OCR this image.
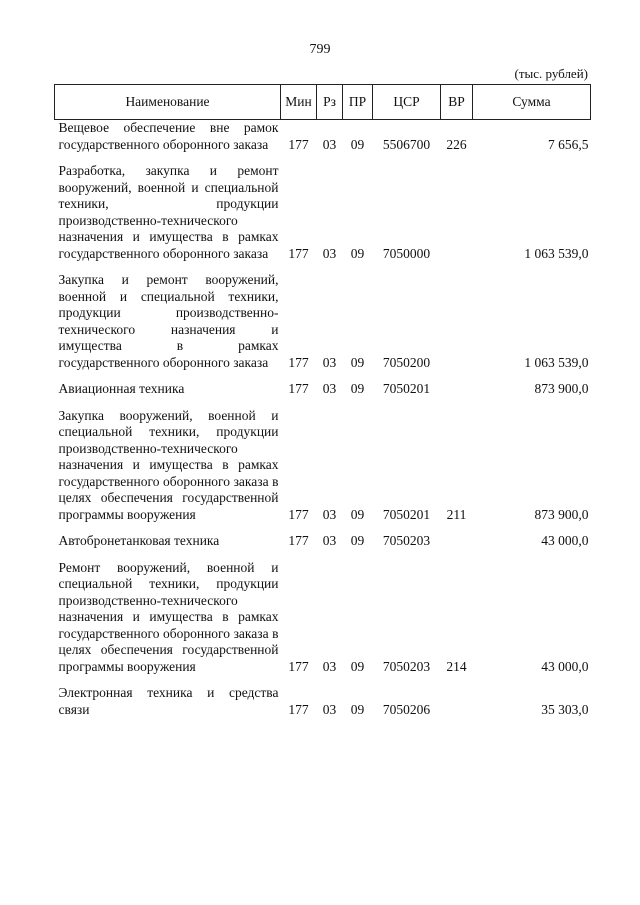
799
(тыс. рублей)
Наименование	Мин	Рз	ПР	ЦСР	ВР	Сумма
Вещевое обеспечение вне рамок государственного оборонного заказа	177	03	09	5506700	226	7 656,5
Разработка, закупка и ремонт вооружений, военной и специальной техники, продукции производственно-технического назначения и имущества в рамках государственного оборонного заказа	177	03	09	7050000		1 063 539,0
Закупка и ремонт вооружений, военной и специальной техники, продукции производственно-технического назначения и имущества в рамках государственного оборонного заказа	177	03	09	7050200		1 063 539,0
Авиационная техника	177	03	09	7050201		873 900,0
Закупка вооружений, военной и специальной техники, продукции производственно-технического назначения и имущества в рамках государственного оборонного заказа в целях обеспечения государственной программы вооружения	177	03	09	7050201	211	873 900,0
Автобронетанковая техника	177	03	09	7050203		43 000,0
Ремонт вооружений, военной и специальной техники, продукции производственно-технического назначения и имущества в рамках государственного оборонного заказа в целях обеспечения государственной программы вооружения	177	03	09	7050203	214	43 000,0
Электронная техника и средства связи	177	03	09	7050206		35 303,0
